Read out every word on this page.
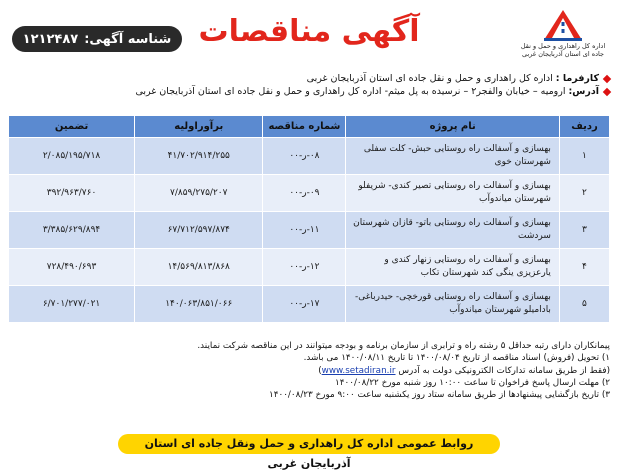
اداره کل راهداری و حمل و نقل جاده ای استان آذربایجان غربی
آگهی مناقصات
شناسه آگهی:
۱۲۱۲۴۸۷
کارفرما :
اداره کل راهداری و حمل و نقل جاده ای استان آذربایجان غربی
آدرس:
ارومیه – خیابان والفجر۲ – نرسیده به پل میثم- اداره کل راهداری و حمل و نقل جاده ای استان آذربایجان غربی
ردیف	نام پروژه	شماره مناقصه	برآوراولیه	تضمین
۱	بهسازی و آسفالت راه روستایی حبش- کلت سفلی شهرستان خوی	۰۸-ر-۰۰	۴۱/۷۰۲/۹۱۴/۲۵۵	۲/۰۸۵/۱۹۵/۷۱۸
۲	بهسازی و آسفالت راه روستایی تصیر کندی- شریفلو شهرستان میاندوآب	۰۹-ر-۰۰	۷/۸۵۹/۲۷۵/۲۰۷	۳۹۲/۹۶۳/۷۶۰
۳	بهسازی و آسفالت راه روستایی باتو- قازان شهرستان سردشت	۱۱-ر-۰۰	۶۷/۷۱۲/۵۹۷/۸۷۴	۳/۳۸۵/۶۲۹/۸۹۴
۴	بهسازی و آسفالت راه روستایی زنهار کندی و یارعزیزی ینگی کند شهرستان تکاب	۱۲-ر-۰۰	۱۴/۵۶۹/۸۱۳/۸۶۸	۷۲۸/۴۹۰/۶۹۳
۵	بهسازی و آسفالت راه روستایی قورخچی- حیدرباغی- بادامیلو شهرستان میاندوآب	۱۷-ر-۰۰	۱۴۰/۰۶۳/۸۵۱/۰۶۶	۶/۷۰۱/۲۷۷/۰۲۱
پیمانکاران دارای رتبه حداقل ۵ رشته راه و ترابری از سازمان برنامه و بودجه میتوانند در این مناقصه شرکت نمایند.
۱) تحویل (فروش) اسناد مناقصه از تاریخ ۱۴۰۰/۰۸/۰۴ تا تاریخ ۱۴۰۰/۰۸/۱۱ می باشد.
(فقط از طریق سامانه تدارکات الکترونیکی دولت به آدرس www.setadiran.ir)
۲) مهلت ارسال پاسخ فراخوان تا ساعت ۱۰:۰۰ روز شنبه مورخ ۱۴۰۰/۰۸/۲۲
۳) تاریخ بازگشایی پیشنهادها از طریق سامانه ستاد روز یکشنبه ساعت ۹:۰۰ مورخ ۱۴۰۰/۰۸/۲۳
روابط عمومی اداره کل راهداری و حمل ونقل جاده ای استان آذربایجان غربی
